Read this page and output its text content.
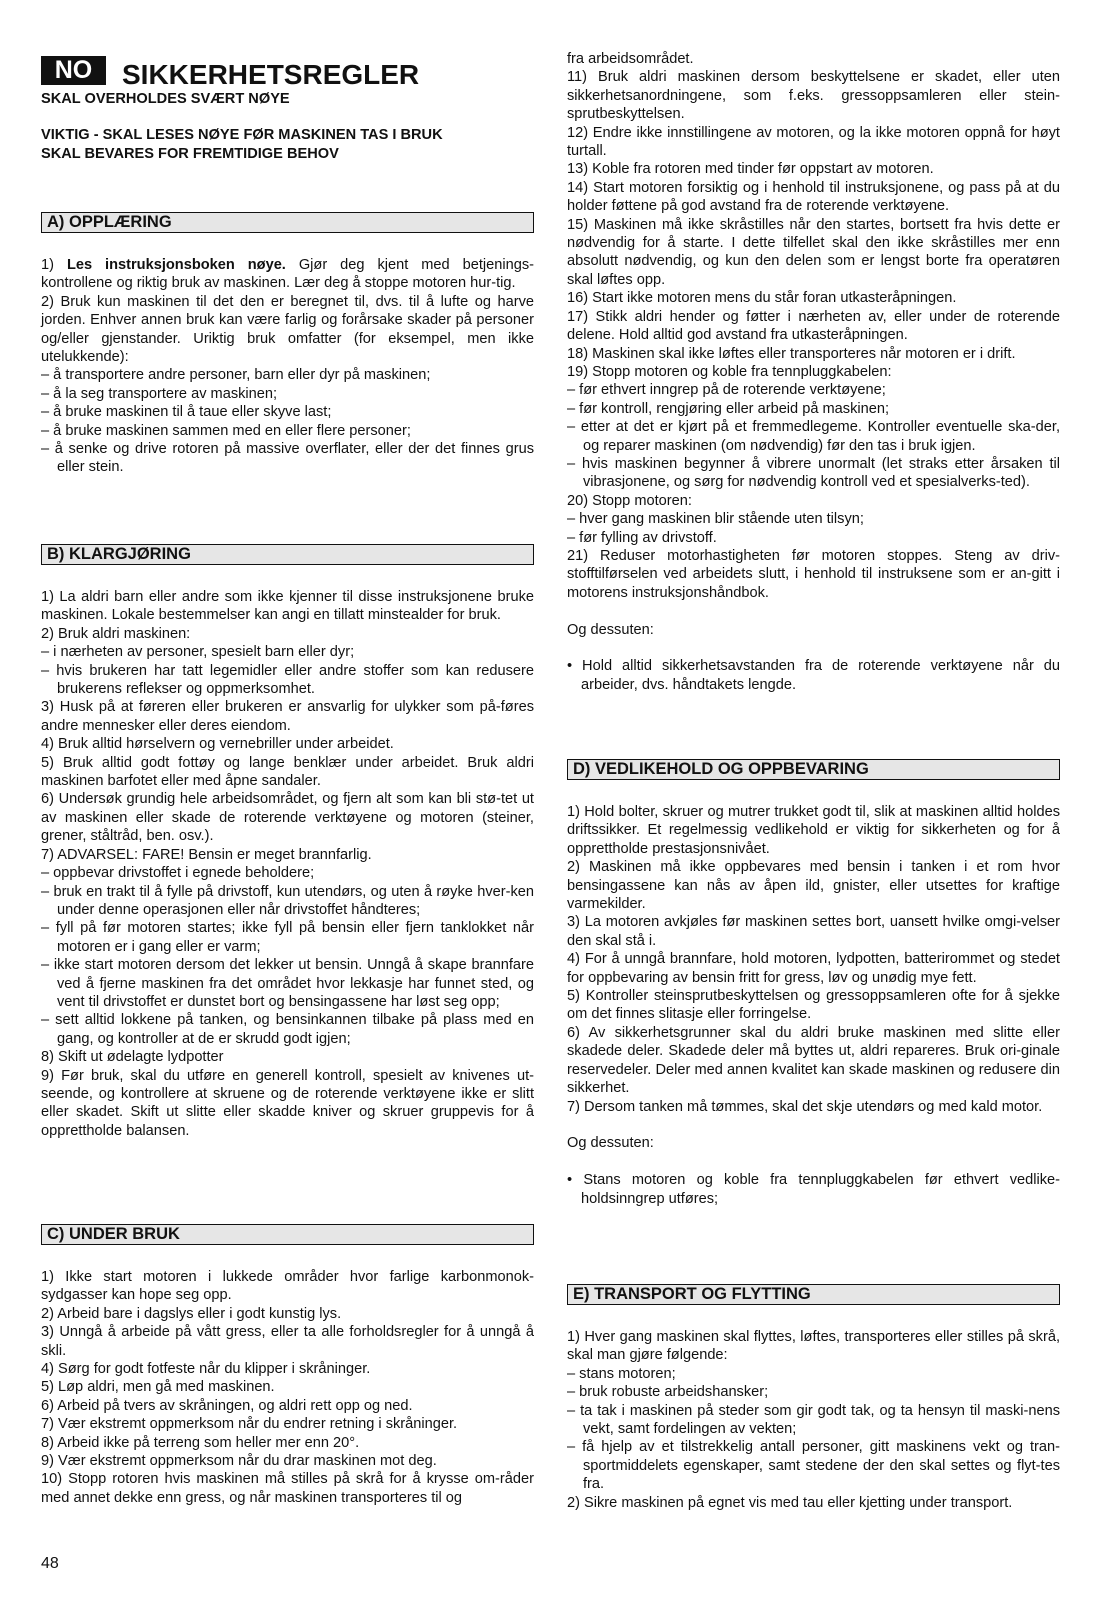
NO	SIKKERHETSREGLER
SKAL OVERHOLDES SVÆRT NØYE
VIKTIG - SKAL LESES NØYE FØR MASKINEN TAS I BRUK
SKAL BEVARES FOR FREMTIDIGE BEHOV
A) OPPLÆRING

1) Les instruksjonsboken nøye. Gjør deg kjent med betjenings-kontrollene og riktig bruk av maskinen. Lær deg å stoppe motoren hur-tig.

2) Bruk kun maskinen til det den er beregnet til, dvs. til å lufte og harve jorden. Enhver annen bruk kan være farlig og forårsake skader på personer og/eller gjenstander. Uriktig bruk omfatter (for eksempel, men ikke utelukkende):

– å transportere andre personer, barn eller dyr på maskinen;

– å la seg transportere av maskinen;

– å bruke maskinen til å taue eller skyve last;

– å bruke maskinen sammen med en eller flere personer;

– å senke og drive rotoren på massive overflater, eller der det finnes grus eller stein.

B) KLARGJØRING

1) La aldri barn eller andre som ikke kjenner til disse instruksjonene bruke maskinen. Lokale bestemmelser kan angi en tillatt minstealder for bruk.

2) Bruk aldri maskinen:

– i nærheten av personer, spesielt barn eller dyr;

– hvis brukeren har tatt legemidler eller andre stoffer som kan redusere brukerens reflekser og oppmerksomhet.

3) Husk på at føreren eller brukeren er ansvarlig for ulykker som på-føres andre mennesker eller deres eiendom.

4) Bruk alltid hørselvern og vernebriller under arbeidet.

5) Bruk alltid godt fottøy og lange benklær under arbeidet. Bruk aldri maskinen barfotet eller med åpne sandaler.

6) Undersøk grundig hele arbeidsområdet, og fjern alt som kan bli stø-tet ut av maskinen eller skade de roterende verktøyene og motoren (steiner, grener, ståltråd, ben. osv.).

7) ADVARSEL: FARE! Bensin er meget brannfarlig.

– oppbevar drivstoffet i egnede beholdere;

– bruk en trakt til å fylle på drivstoff, kun utendørs, og uten å røyke hver-ken under denne operasjonen eller når drivstoffet håndteres;

– fyll på før motoren startes; ikke fyll på bensin eller fjern tanklokket når motoren er i gang eller er varm;

– ikke start motoren dersom det lekker ut bensin. Unngå å skape brannfare ved å fjerne maskinen fra det området hvor lekkasje har funnet sted, og vent til drivstoffet er dunstet bort og bensingassene har løst seg opp;

– sett alltid lokkene på tanken, og bensinkannen tilbake på plass med en gang, og kontroller at de er skrudd godt igjen;

8) Skift ut ødelagte lydpotter

9) Før bruk, skal du utføre en generell kontroll, spesielt av knivenes ut-seende, og kontrollere at skruene og de roterende verktøyene ikke er slitt eller skadet. Skift ut slitte eller skadde kniver og skruer gruppevis for å opprettholde balansen.

C) UNDER BRUK

1) Ikke start motoren i lukkede områder hvor farlige karbonmonok-sydgasser kan hope seg opp.

2) Arbeid bare i dagslys eller i godt kunstig lys.

3) Unngå å arbeide på vått gress, eller ta alle forholdsregler for å unngå å skli.

4) Sørg for godt fotfeste når du klipper i skråninger.

5) Løp aldri, men gå med maskinen.

6) Arbeid på tvers av skråningen, og aldri rett opp og ned.

7) Vær ekstremt oppmerksom når du endrer retning i skråninger.

8) Arbeid ikke på terreng som heller mer enn 20°.

9) Vær ekstremt oppmerksom når du drar maskinen mot deg.

10) Stopp rotoren hvis maskinen må stilles på skrå for å krysse om-råder med annet dekke enn gress, og når maskinen transporteres til og

fra arbeidsområdet.

11) Bruk aldri maskinen dersom beskyttelsene er skadet, eller uten sikkerhetsanordningene, som f.eks. gressoppsamleren eller stein-sprutbeskyttelsen.

12) Endre ikke innstillingene av motoren, og la ikke motoren oppnå for høyt turtall.

13) Koble fra rotoren med tinder før oppstart av motoren.

14) Start motoren forsiktig og i henhold til instruksjonene, og pass på at du holder føttene på god avstand fra de roterende verktøyene.

15) Maskinen må ikke skråstilles når den startes, bortsett fra hvis dette er nødvendig for å starte. I dette tilfellet skal den ikke skråstilles mer enn absolutt nødvendig, og kun den delen som er lengst borte fra operatøren skal løftes opp.

16) Start ikke motoren mens du står foran utkasteråpningen.

17) Stikk aldri hender og føtter i nærheten av, eller under de roterende delene. Hold alltid god avstand fra utkasteråpningen.

18) Maskinen skal ikke løftes eller transporteres når motoren er i drift.

19) Stopp motoren og koble fra tennpluggkabelen:

– før ethvert inngrep på de roterende verktøyene;

– før kontroll, rengjøring eller arbeid på maskinen;

– etter at det er kjørt på et fremmedlegeme. Kontroller eventuelle ska-der, og reparer maskinen (om nødvendig) før den tas i bruk igjen.

– hvis maskinen begynner å vibrere unormalt (let straks etter årsaken til vibrasjonene, og sørg for nødvendig kontroll ved et spesialverks-ted).

20) Stopp motoren:

– hver gang maskinen blir stående uten tilsyn;

– før fylling av drivstoff.

21) Reduser motorhastigheten før motoren stoppes. Steng av driv-stofftilførselen ved arbeidets slutt, i henhold til instruksene som er an-gitt i motorens instruksjonshåndbok.

Og dessuten:

• Hold alltid sikkerhetsavstanden fra de roterende verktøyene når du arbeider, dvs. håndtakets lengde.

D) VEDLIKEHOLD OG OPPBEVARING

1) Hold bolter, skruer og mutrer trukket godt til, slik at maskinen alltid holdes driftssikker. Et regelmessig vedlikehold er viktig for sikkerheten og for å opprettholde prestasjonsnivået.

2) Maskinen må ikke oppbevares med bensin i tanken i et rom hvor bensingassene kan nås av åpen ild, gnister, eller utsettes for kraftige varmekilder.

3) La motoren avkjøles før maskinen settes bort, uansett hvilke omgi-velser den skal stå i.

4) For å unngå brannfare, hold motoren, lydpotten, batterirommet og stedet for oppbevaring av bensin fritt for gress, løv og unødig mye fett.

5) Kontroller steinsprutbeskyttelsen og gressoppsamleren ofte for å sjekke om det finnes slitasje eller forringelse.

6) Av sikkerhetsgrunner skal du aldri bruke maskinen med slitte eller skadede deler. Skadede deler må byttes ut, aldri repareres. Bruk ori-ginale reservedeler. Deler med annen kvalitet kan skade maskinen og redusere din sikkerhet.

7) Dersom tanken må tømmes, skal det skje utendørs og med kald motor.

Og dessuten:

• Stans motoren og koble fra tennpluggkabelen før ethvert vedlike-holdsinngrep utføres;

E) TRANSPORT OG FLYTTING

1) Hver gang maskinen skal flyttes, løftes, transporteres eller stilles på skrå, skal man gjøre følgende:

– stans motoren;

– bruk robuste arbeidshansker;

– ta tak i maskinen på steder som gir godt tak, og ta hensyn til maski-nens vekt, samt fordelingen av vekten;

– få hjelp av et tilstrekkelig antall personer, gitt maskinens vekt og tran-sportmiddelets egenskaper, samt stedene der den skal settes og flyt-tes fra.

2) Sikre maskinen på egnet vis med tau eller kjetting under transport.

48
